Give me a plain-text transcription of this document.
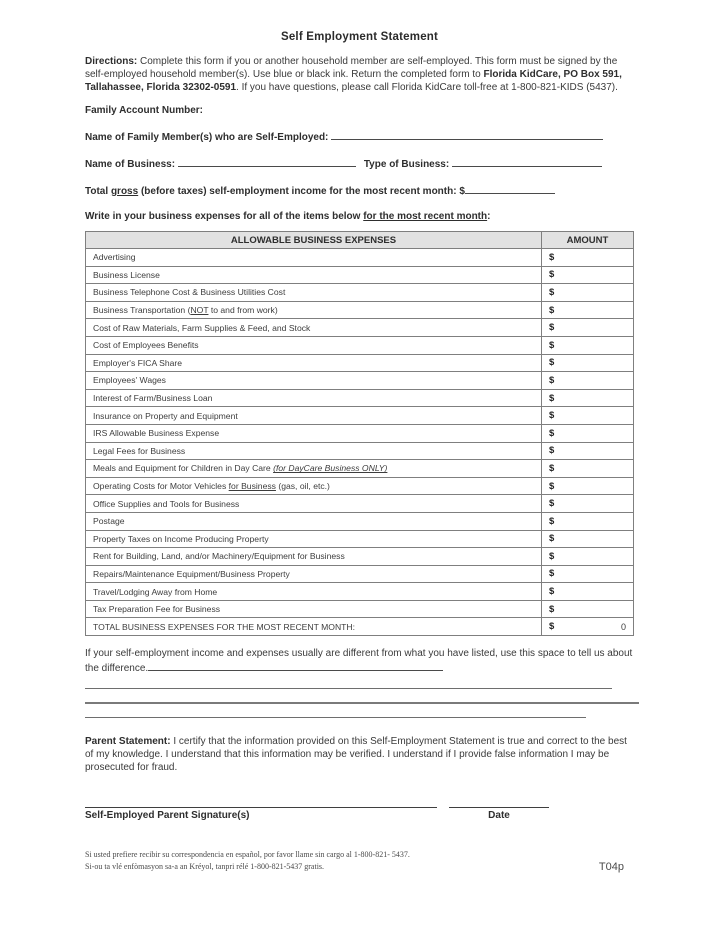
Self Employment Statement

Directions: Complete this form if you or another household member are self-employed. This form must be signed by the self-employed household member(s). Use blue or black ink. Return the completed form to Florida KidCare, PO Box 591, Tallahassee, Florida 32302-0591. If you have questions, please call Florida KidCare toll-free at 1-800-821-KIDS (5437).

Family Account Number:

Name of Family Member(s) who are Self-Employed:

Name of Business:	Type of Business:

Total gross (before taxes) self-employment income for the most recent month: $

Write in your business expenses for all of the items below for the most recent month:

ALLOWABLE BUSINESS EXPENSES	AMOUNT
Advertising	$
Business License	$
Business Telephone Cost & Business Utilities Cost	$
Business Transportation (NOT to and from work)	$
Cost of Raw Materials, Farm Supplies & Feed, and Stock	$
Cost of Employees Benefits	$
Employer's FICA Share	$
Employees' Wages	$
Interest of Farm/Business Loan	$
Insurance on Property and Equipment	$
IRS Allowable Business Expense	$
Legal Fees for Business	$
Meals and Equipment for Children in Day Care (for DayCare Business ONLY)	$
Operating Costs for Motor Vehicles for Business (gas, oil, etc.)	$
Office Supplies and Tools for Business	$
Postage	$
Property Taxes on Income Producing Property	$
Rent for Building, Land, and/or Machinery/Equipment for Business	$
Repairs/Maintenance Equipment/Business Property	$
Travel/Lodging Away from Home	$
Tax Preparation Fee for Business	$
TOTAL BUSINESS EXPENSES FOR THE MOST RECENT MONTH:	$ 0

If your self-employment income and expenses usually are different from what you have listed, use this space to tell us about the difference.

Parent Statement: I certify that the information provided on this Self-Employment Statement is true and correct to the best of my knowledge. I understand that this information may be verified. I understand if I provide false information I may be prosecuted for fraud.

Self-Employed Parent Signature(s)	Date
Si usted prefiere recibir su correspondencia en español, por favor llame sin cargo al 1-800-821- 5437.
Si-ou ta vlé enfòmasyon sa-a an Kréyol, tanpri rélé 1-800-821-5437 gratis.	T04p
